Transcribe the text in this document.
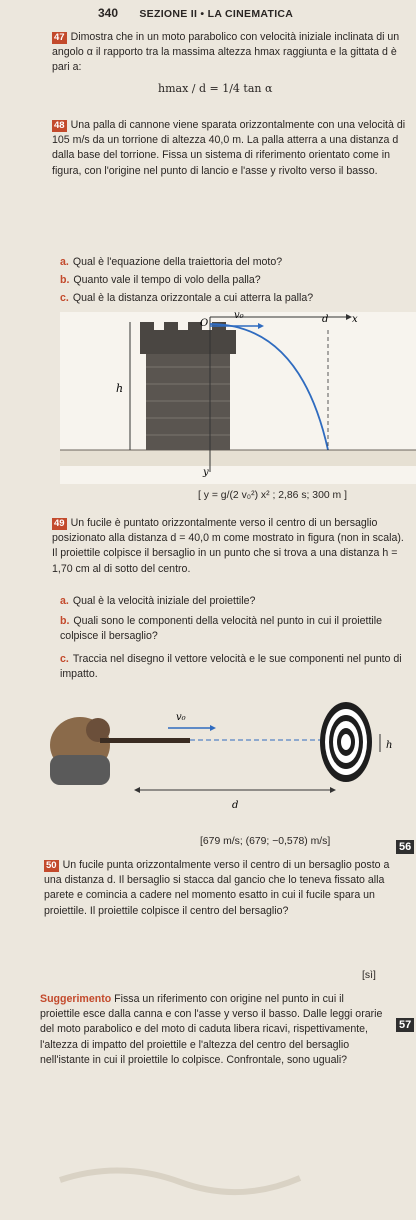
340 SEZIONE II • LA CINEMATICA
47 Dimostra che in un moto parabolico con velocità iniziale inclinata di un angolo α il rapporto tra la massima altezza hmax raggiunta e la gittata d è pari a:
hmax / d = 1/4 tan α
48 Una palla di cannone viene sparata orizzontalmente con una velocità di 105 m/s da un torrione di altezza 40,0 m. La palla atterra a una distanza d dalla base del torrione. Fissa un sistema di riferimento orientato come in figura, con l'origine nel punto di lancio e l'asse y rivolto verso il basso.
a. Qual è l'equazione della traiettoria del moto?
b. Quanto vale il tempo di volo della palla?
c. Qual è la distanza orizzontale a cui atterra la palla?
h
O	x
y
v₀	d
[ y = g/(2 v₀²) x² ; 2,86 s; 300 m ]
49 Un fucile è puntato orizzontalmente verso il centro di un bersaglio posizionato alla distanza d = 40,0 m come mostrato in figura (non in scala). Il proiettile colpisce il bersaglio in un punto che si trova a una distanza h = 1,70 cm al di sotto del centro.
a. Qual è la velocità iniziale del proiettile?
b. Quali sono le componenti della velocità nel punto in cui il proiettile colpisce il bersaglio?
c. Traccia nel disegno il vettore velocità e le sue componenti nel punto di impatto.
v₀
h
d
[679 m/s; (679; −0,578) m/s]
50 Un fucile punta orizzontalmente verso il centro di un bersaglio posto a una distanza d. Il bersaglio si stacca dal gancio che lo teneva fissato alla parete e comincia a cadere nel momento esatto in cui il fucile spara un proiettile. Il proiettile colpisce il centro del bersaglio?
[sì]
Suggerimento Fissa un riferimento con origine nel punto in cui il proiettile esce dalla canna e con l'asse y verso il basso. Dalle leggi orarie del moto parabolico e del moto di caduta libera ricavi, rispettivamente, l'altezza di impatto del proiettile e l'altezza del centro del bersaglio nell'istante in cui il proiettile lo colpisce. Confrontale, sono uguali?
56
57
